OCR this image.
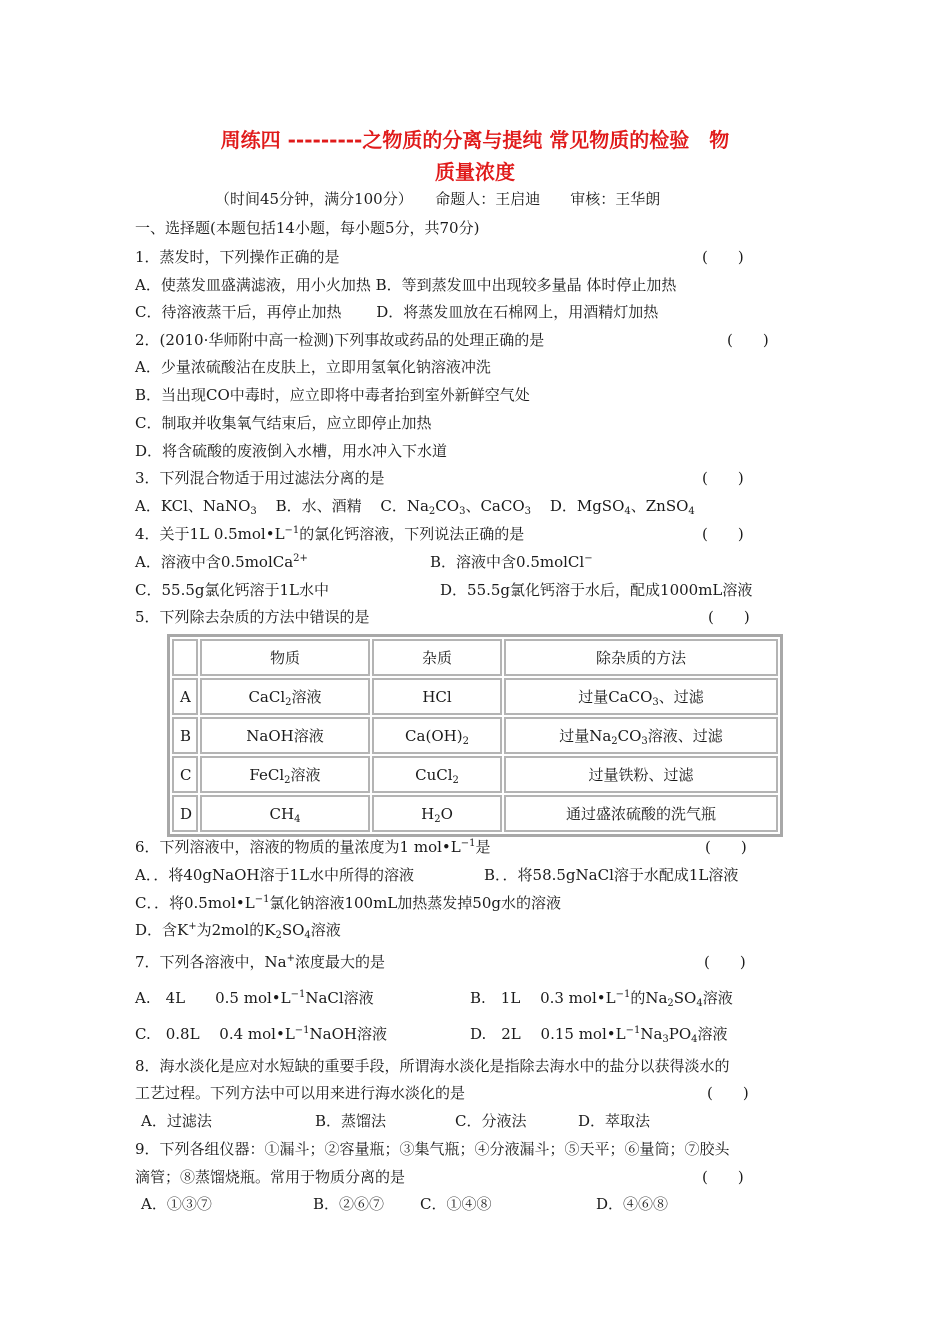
周练四 ---------之物质的分离与提纯 常见物质的检验　物
质量浓度
（时间45分钟，满分100分）　　命题人：王启迪　　审核：王华朗
一、选择题(本题包括14小题，每小题5分，共70分)
1．蒸发时，下列操作正确的是	(　　)
A．使蒸发皿盛满滤液，用小火加热 B．等到蒸发皿中出现较多量晶 体时停止加热
C．待溶液蒸干后，再停止加热　　 D．将蒸发皿放在石棉网上，用酒精灯加热
2．(2010·华师附中高一检测)下列事故或药品的处理正确的是	(　　)
A．少量浓硫酸沾在皮肤上，立即用氢氧化钠溶液冲洗
B．当出现CO中毒时，应立即将中毒者抬到室外新鲜空气处
C．制取并收集氧气结束后，应立即停止加热
D．将含硫酸的废液倒入水槽，用水冲入下水道
3．下列混合物适于用过滤法分离的是	(　　)
A．KCl、NaNO$_3$ B．水、酒精 C．$Na_2CO_3$、CaCO$_3$ D．MgSO$_4$、ZnSO$_4$
4．关于1L $0.5mol•L^{-1}$的氯化钙溶液，下列说法正确的是	(　　)
A．溶液中含0.5molCa$^{2+}$	B．溶液中含0.5molCl−
C．55.5g氯化钙溶于1L水中	D．55.5g氯化钙溶于水后，配成1000mL溶液
5．下列除去杂质的方法中错误的是	(　　)
	物质	杂质	除杂质的方法
A	CaCl$_2$溶液	HCl	过量CaCO$_3$、过滤
B	NaOH溶液	$Ca(OH)_2$	过量$Na_2CO_3$溶液、过滤
C	FeCl$_2$溶液	CuCl$_2$	过量铁粉、过滤
D	$CH_4$	$H_2O$	通过盛浓硫酸的洗气瓶
6．下列溶液中，溶液的物质的量浓度为1 $mol•L^{-1}$是	(　　)
A．．将40gNaOH溶于1L水中所得的溶液	B．．将58.5gNaCl溶于水配成1L溶液
C．．将$0.5mol•L^{-1}$氯化钠溶液100mL加热蒸发掉50g水的溶液
D．含K+为2mol的$K_2SO_4$溶液
7．下列各溶液中，Na+浓度最大的是	(　　)
A.　4L　　0.5 $mol•L^{-1}NaCl$溶液	B.　1L　 0.3 $mol•L^{-1}$的$Na_2SO_4$溶液
C.　0.8L　 0.4 $mol•L^{-1}NaOH$溶液	D.　2L　 0.15 $mol•L^{-1}Na_3PO_4$溶液
8．海水淡化是应对水短缺的重要手段，所谓海水淡化是指除去海水中的盐分以获得淡水的
工艺过程。下列方法中可以用来进行海水淡化的是	(　　)
A．过滤法	B．蒸馏法	C．分液法	D．萃取法
9．下列各组仪器：①漏斗；②容量瓶；③集气瓶；④分液漏斗；⑤天平；⑥量筒；⑦胶头
滴管；⑧蒸馏烧瓶。常用于物质分离的是	(　　)
A．①③⑦	B．②⑥⑦ C．①④⑧	D．④⑥⑧
